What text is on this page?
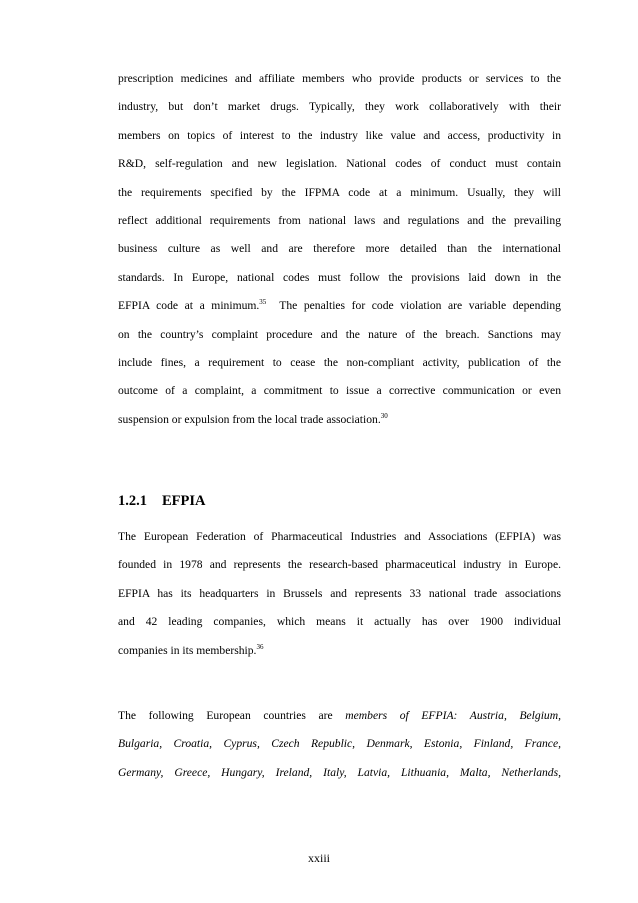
prescription medicines and affiliate members who provide products or services to the
industry, but don’t market drugs. Typically, they work collaboratively with their
members on topics of interest to the industry like value and access, productivity in
R&D, self-regulation and new legislation. National codes of conduct must contain
the requirements specified by the IFPMA code at a minimum. Usually, they will
reflect additional requirements from national laws and regulations and the prevailing
business culture as well and are therefore more detailed than the international
standards. In Europe, national codes must follow the provisions laid down in the
EFPIA code at a minimum.$^{35}$  The penalties for code violation are variable depending
on the country’s complaint procedure and the nature of the breach. Sanctions may
include fines, a requirement to cease the non-compliant activity, publication of the
outcome of a complaint, a commitment to issue a corrective communication or even
suspension or expulsion from the local trade association.$^{30}$
1.2.1 EFPIA
The European Federation of Pharmaceutical Industries and Associations (EFPIA) was
founded in 1978 and represents the research-based pharmaceutical industry in Europe.
EFPIA has its headquarters in Brussels and represents 33 national trade associations
and 42 leading companies, which means it actually has over 1900 individual
companies in its membership.$^{36}$
The following European countries are members of EFPIA: Austria, Belgium,
Bulgaria, Croatia, Cyprus, Czech Republic, Denmark, Estonia, Finland, France,
Germany, Greece, Hungary, Ireland, Italy, Latvia, Lithuania, Malta, Netherlands,
xxiii
